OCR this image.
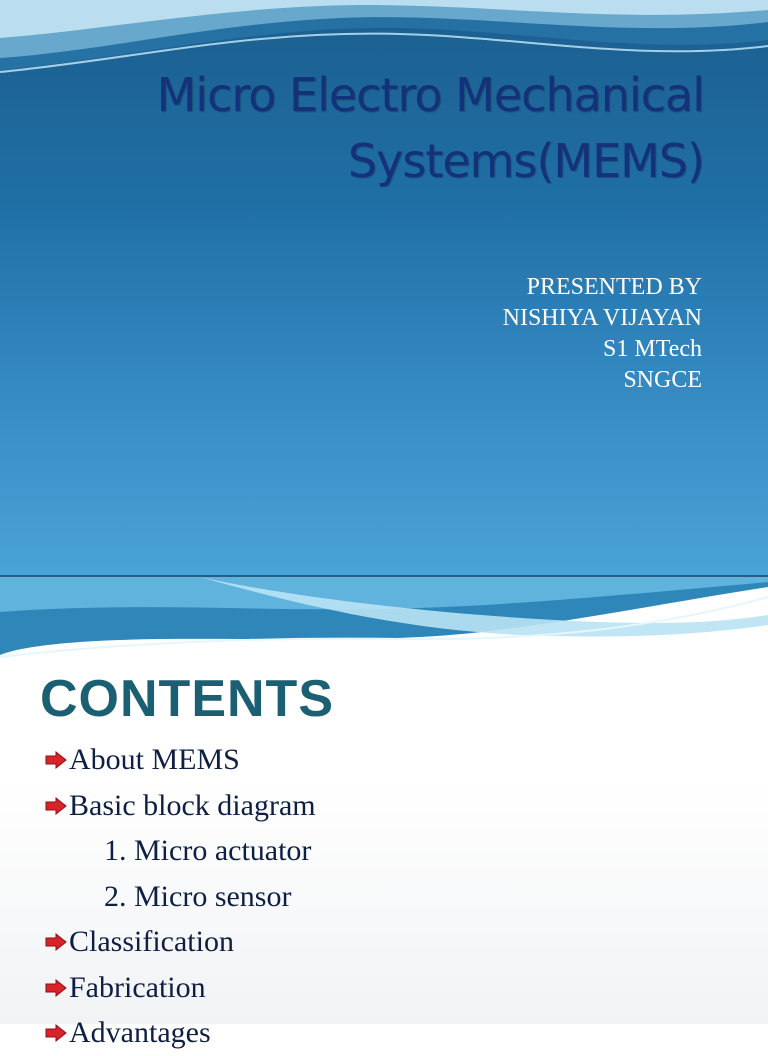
Micro Electro Mechanical
Systems(MEMS)
PRESENTED BY
NISHIYA VIJAYAN
S1 MTech
SNGCE
CONTENTS
About MEMS
Basic block diagram
1. Micro actuator
2. Micro sensor
Classification
Fabrication
Advantages
